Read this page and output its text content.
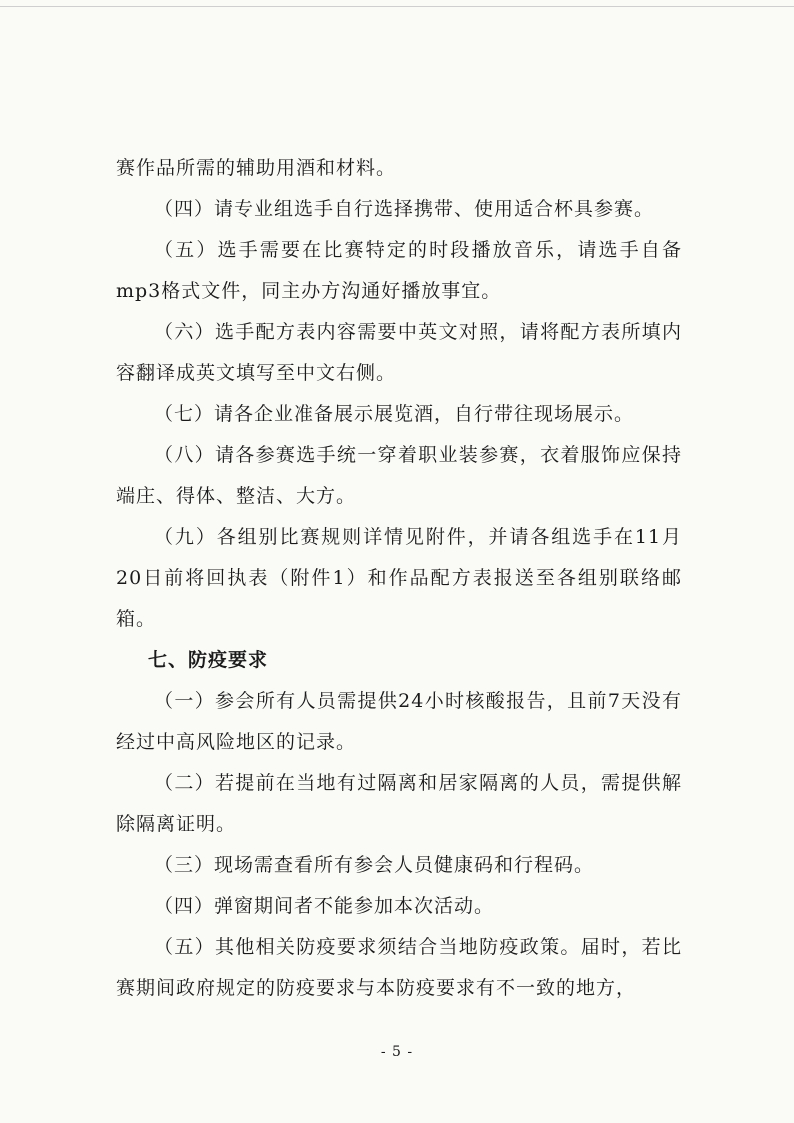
赛作品所需的辅助用酒和材料。

（四）请专业组选手自行选择携带、使用适合杯具参赛。

（五）选手需要在比赛特定的时段播放音乐，请选手自备mp3格式文件，同主办方沟通好播放事宜。

（六）选手配方表内容需要中英文对照，请将配方表所填内容翻译成英文填写至中文右侧。

（七）请各企业准备展示展览酒，自行带往现场展示。

（八）请各参赛选手统一穿着职业装参赛，衣着服饰应保持端庄、得体、整洁、大方。

（九）各组别比赛规则详情见附件，并请各组选手在11月20日前将回执表（附件1）和作品配方表报送至各组别联络邮箱。

七、防疫要求

（一）参会所有人员需提供24小时核酸报告，且前7天没有经过中高风险地区的记录。

（二）若提前在当地有过隔离和居家隔离的人员，需提供解除隔离证明。

（三）现场需查看所有参会人员健康码和行程码。

（四）弹窗期间者不能参加本次活动。

（五）其他相关防疫要求须结合当地防疫政策。届时，若比赛期间政府规定的防疫要求与本防疫要求有不一致的地方，

- 5 -
